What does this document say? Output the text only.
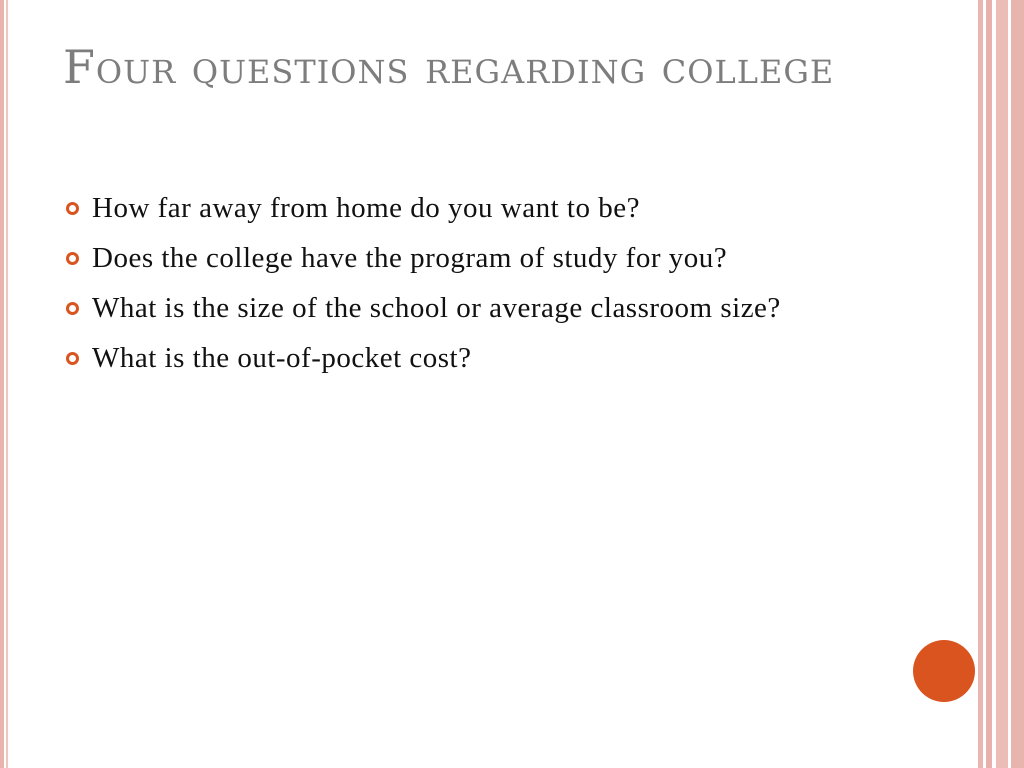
Four questions regarding college
How far away from home do you want to be?
Does the college have the program of study for you?
What is the size of the school or average classroom size?
What is the out-of-pocket cost?
